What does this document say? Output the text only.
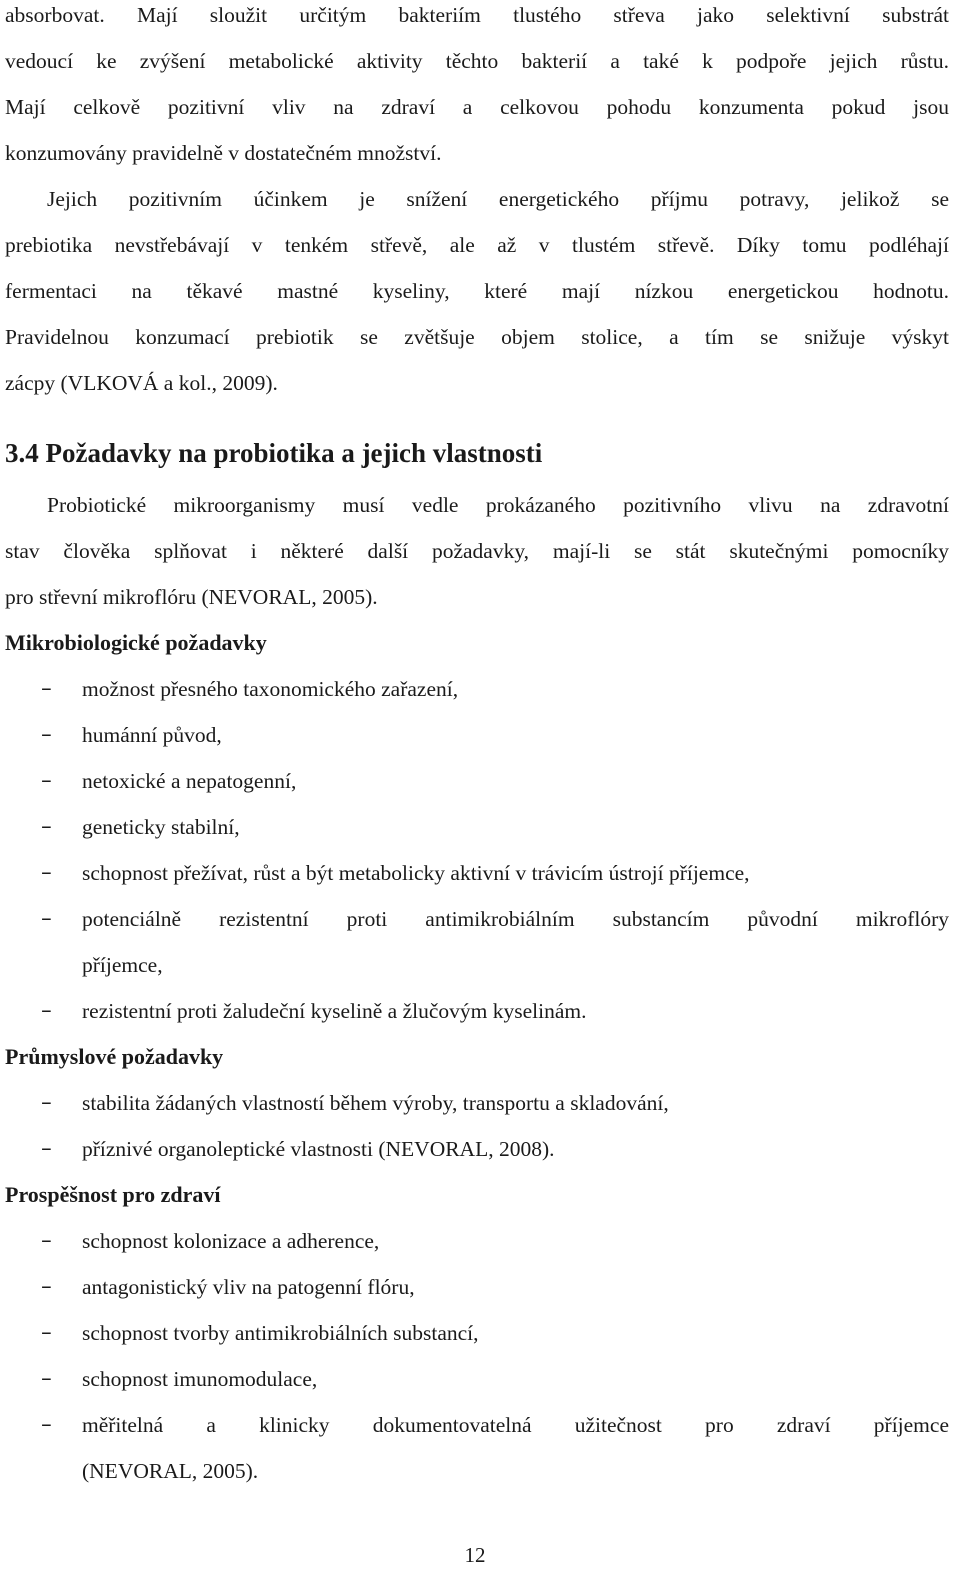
absorbovat. Mají sloužit určitým bakteriím tlustého střeva jako selektivní substrát
vedoucí ke zvýšení metabolické aktivity těchto bakterií a také k podpoře jejich růstu.
Mají celkově pozitivní vliv na zdraví a celkovou pohodu konzumenta pokud jsou
konzumovány pravidelně v dostatečném množství.
Jejich pozitivním účinkem je snížení energetického příjmu potravy, jelikož se
prebiotika nevstřebávají v tenkém střevě, ale až v tlustém střevě. Díky tomu podléhají
fermentaci na těkavé mastné kyseliny, které mají nízkou energetickou hodnotu.
Pravidelnou konzumací prebiotik se zvětšuje objem stolice, a tím se snižuje výskyt
zácpy (VLKOVÁ a kol., 2009).
3.4 Požadavky na probiotika a jejich vlastnosti
Probiotické mikroorganismy musí vedle prokázaného pozitivního vlivu na zdravotní
stav člověka splňovat i některé další požadavky, mají-li se stát skutečnými pomocníky
pro střevní mikroflóru (NEVORAL, 2005).
Mikrobiologické požadavky
– možnost přesného taxonomického zařazení,
– humánní původ,
– netoxické a nepatogenní,
– geneticky stabilní,
– schopnost přežívat, růst a být metabolicky aktivní v trávicím ústrojí příjemce,
– potenciálně rezistentní proti antimikrobiálním substancím původní mikroflóry
příjemce,
– rezistentní proti žaludeční kyselině a žlučovým kyselinám.
Průmyslové požadavky
– stabilita žádaných vlastností během výroby, transportu a skladování,
– příznivé organoleptické vlastnosti (NEVORAL, 2008).
Prospěšnost pro zdraví
– schopnost kolonizace a adherence,
– antagonistický vliv na patogenní flóru,
– schopnost tvorby antimikrobiálních substancí,
– schopnost imunomodulace,
– měřitelná a klinicky dokumentovatelná užitečnost pro zdraví příjemce
(NEVORAL, 2005).
12
